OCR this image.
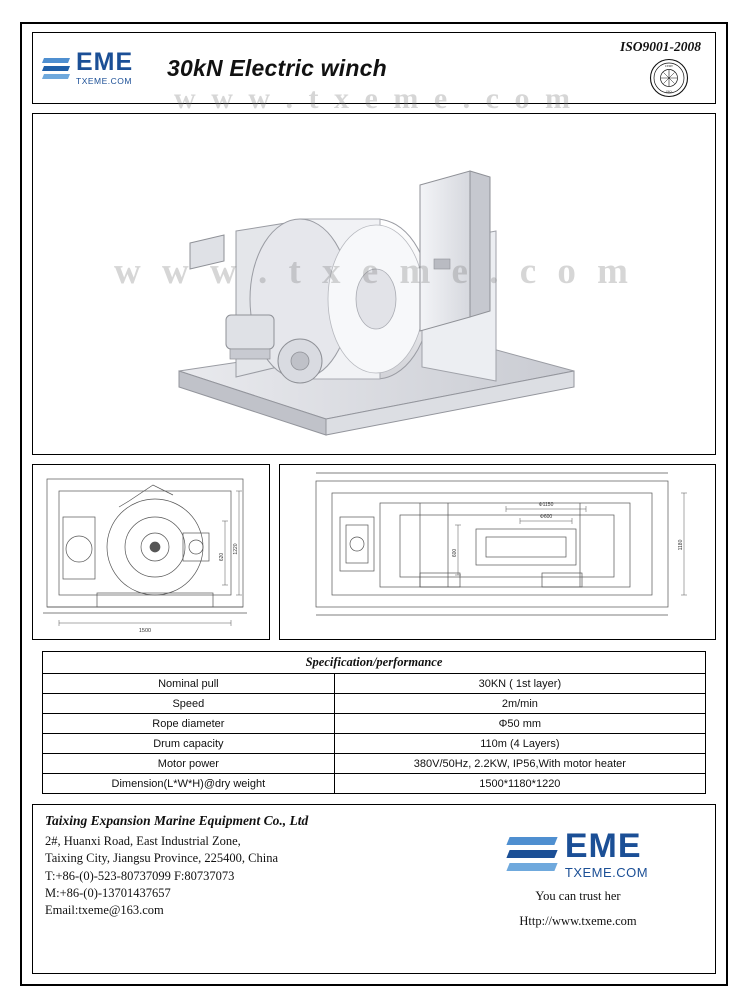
EME
TXEME.COM
30kN Electric winch
ISO9001-2008
CERT
ISO
w w w . t x e m e . c o m
1220
620
1500
1180
600
Φ1150
Φ600
w w w . t x e m e . c o m
Specification/performance	
Nominal pull	30KN ( 1st layer)
Speed	2m/min
Rope diameter	Φ50 mm
Drum capacity	110m (4 Layers)
Motor power	380V/50Hz, 2.2KW, IP56,With motor heater
Dimension(L*W*H)@dry weight	1500*1180*1220
Taixing Expansion Marine Equipment Co., Ltd
2#, Huanxi Road, East Industrial Zone,
Taixing City, Jiangsu Province, 225400, China
T:+86-(0)-523-80737099 F:80737073
M:+86-(0)-13701437657
Email:txeme@163.com
EME
TXEME.COM
You can trust her
Http://www.txeme.com
